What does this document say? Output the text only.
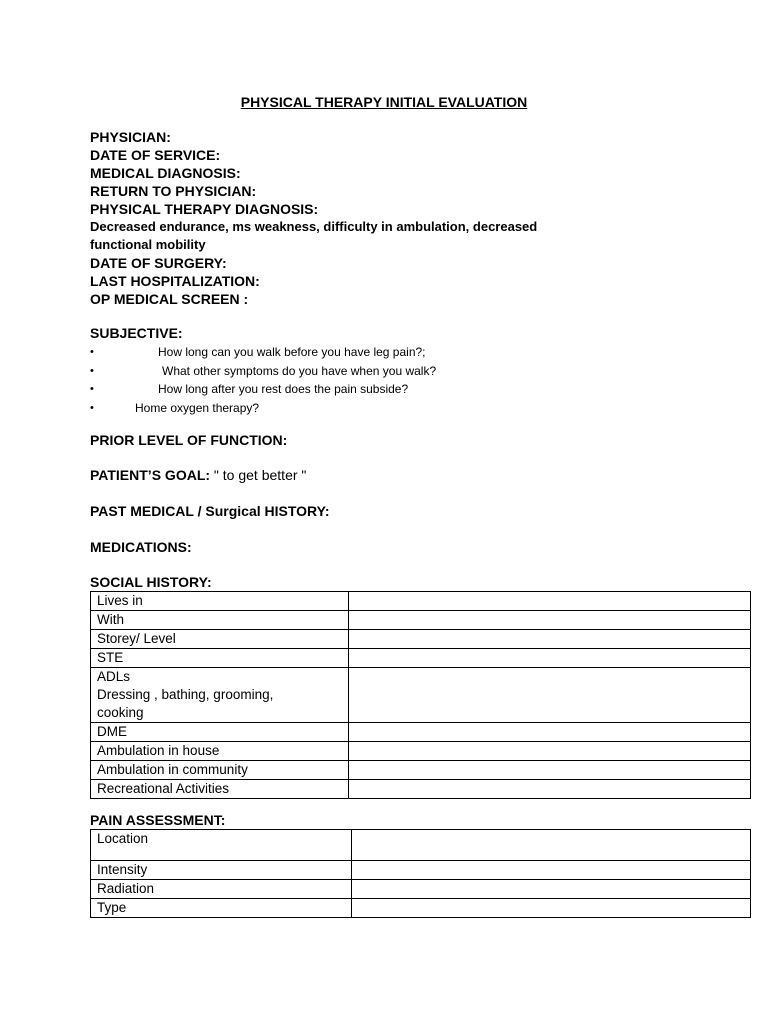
PHYSICAL THERAPY INITIAL EVALUATION
PHYSICIAN:
DATE OF SERVICE:
MEDICAL DIAGNOSIS:
RETURN TO PHYSICIAN:
PHYSICAL THERAPY DIAGNOSIS:
Decreased endurance, ms weakness, difficulty in ambulation, decreased
functional mobility
DATE OF SURGERY:
LAST HOSPITALIZATION:
OP MEDICAL SCREEN :
SUBJECTIVE:
•	How long can you walk before you have leg pain?;
•	What other symptoms do you have when you walk?
•	How long after you rest does the pain subside?
•	Home oxygen therapy?
PRIOR LEVEL OF FUNCTION:
PATIENT’S GOAL: " to get better "
PAST MEDICAL / Surgical HISTORY:
MEDICATIONS:
SOCIAL HISTORY:
Lives in	
With	
Storey/ Level	
STE	

ADLs
Dressing , bathing, grooming,
cooking	

DME	
Ambulation in house	
Ambulation in community	
Recreational Activities	
PAIN ASSESSMENT:
Location	
Intensity	
Radiation	
Type	
